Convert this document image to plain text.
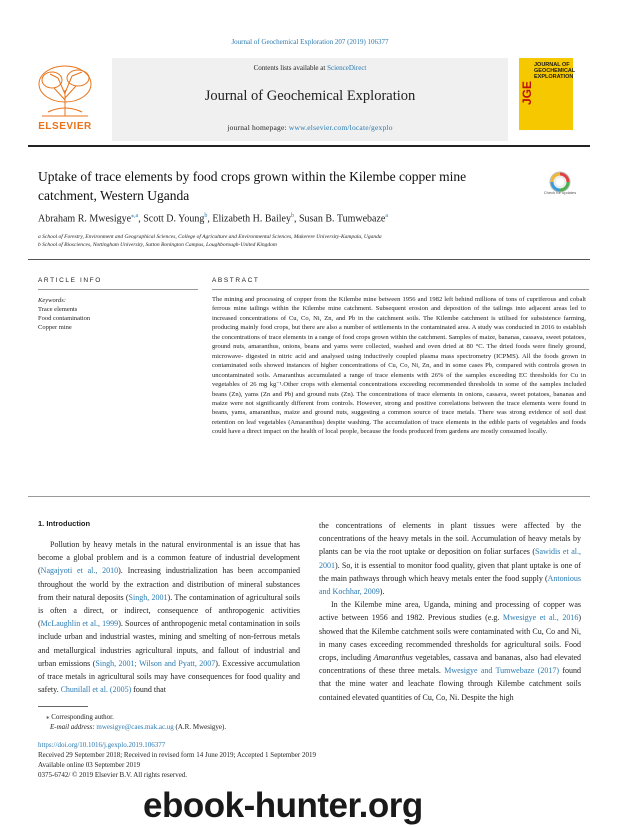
Journal of Geochemical Exploration 207 (2019) 106377
ELSEVIER
Contents lists available at ScienceDirect
Journal of Geochemical Exploration
journal homepage: www.elsevier.com/locate/gexplo
JGE
JOURNAL OF GEOCHEMICAL EXPLORATION
Uptake of trace elements by food crops grown within the Kilembe copper mine catchment, Western Uganda	Check for updates
Abraham R. Mwesigye$^{⁎,a}$, Scott D. Young$^b$, Elizabeth H. Bailey$^b$, Susan B. Tumwebaze$^a$
a School of Forestry, Environment and Geographical Sciences, College of Agriculture and Environmental Sciences, Makerere University-Kampala, Uganda
b School of Biosciences, Nottingham University, Sutton Bonington Campus, Loughborough-United Kingdom
ARTICLE INFO	ABSTRACT
Keywords:
Trace elements
Food contamination
Copper mine
The mining and processing of copper from the Kilembe mine between 1956 and 1982 left behind millions of tons of cupriferous and cobalt ferrous mine tailings within the Kilembe mine catchment. Subsequent erosion and deposition of the tailings into adjacent areas led to increased concentrations of Cu, Co, Ni, Zn, and Pb in the catchment soils. The Kilembe catchment is utilised for subsistence farming, producing mainly food crops, but there are also a number of settlements in the contaminated area. A study was conducted in 2016 to establish the concentrations of trace elements in a range of food crops grown within the catchment. Samples of maize, bananas, cassava, sweet potatoes, ground nuts, amaranthus, onions, beans and yams were collected, washed and oven dried at 80 °C. The dried foods were finely ground, microwave- digested in nitric acid and analysed using inductively coupled plasma mass spectrometry (ICPMS). All the foods grown in contaminated soils showed instances of higher concentrations of Cu, Co, Ni, Zn, and in some cases Pb, compared with controls grown in uncontaminated soils. Amaranthus accumulated a range of trace elements with 26% of the samples exceeding EC thresholds for Cu in vegetables of 26 mg kg⁻¹.Other crops with elemental concentrations exceeding recommended thresholds in some of the samples included beans (Zn), yams (Zn and Pb) and ground nuts (Zn). The concentrations of trace elements in onions, cassava, sweet potatoes, bananas and maize were not significantly different from controls. However, strong and positive correlations between the trace elements were found in beans, yams, amaranthus, maize and ground nuts, suggesting a common source of trace metals. There was strong evidence of soil dust retention on leaf vegetables (Amaranthus) despite washing. The accumulation of trace elements in the edible parts of vegetables and foods could have a direct impact on the health of local people, because the foods produced from gardens are mostly consumed locally.
1. Introduction

Pollution by heavy metals in the natural environmental is an issue that has become a global problem and is a common feature of industrial development (Nagajyoti et al., 2010). Increasing industrialization has been accompanied throughout the world by the extraction and distribution of mineral substances from their natural deposits (Singh, 2001). The contamination of agricultural soils is often a direct, or indirect, consequence of anthropogenic activities (McLaughlin et al., 1999). Sources of anthropogenic metal contamination in soils include urban and industrial wastes, mining and smelting of non-ferrous metals and metallurgical industries agricultural inputs, and fallout of industrial and urban emissions (Singh, 2001; Wilson and Pyatt, 2007). Excessive accumulation of trace metals in agricultural soils may have consequences for food quality and safety. Chunilall et al. (2005) found that

the concentrations of elements in plant tissues were affected by the concentrations of the heavy metals in the soil. Accumulation of heavy metals by plants can be via the root uptake or deposition on foliar surfaces (Sawidis et al., 2001). So, it is essential to monitor food quality, given that plant uptake is one of the main pathways through which heavy metals enter the food supply (Antonious and Kochhar, 2009).

In the Kilembe mine area, Uganda, mining and processing of copper was active between 1956 and 1982. Previous studies (e.g. Mwesigye et al., 2016) showed that the Kilembe catchment soils were contaminated with Cu, Co and Ni, in many cases exceeding recommended thresholds for agricultural soils. Food crops, including Amaranthus vegetables, cassava and bananas, also had elevated concentrations of these three metals. Mwesigye and Tumwebaze (2017) found that the mine water and leachate flowing through Kilembe catchment soils contained elevated quantities of Cu, Co, Ni. Despite the high

⁎ Corresponding author.
E-mail address: mwesigye@caes.mak.ac.ug (A.R. Mwesigye).
https://doi.org/10.1016/j.gexplo.2019.106377
Received 29 September 2018; Received in revised form 14 June 2019; Accepted 1 September 2019
Available online 03 September 2019
0375-6742/ © 2019 Elsevier B.V. All rights reserved.
ebook-hunter.org
